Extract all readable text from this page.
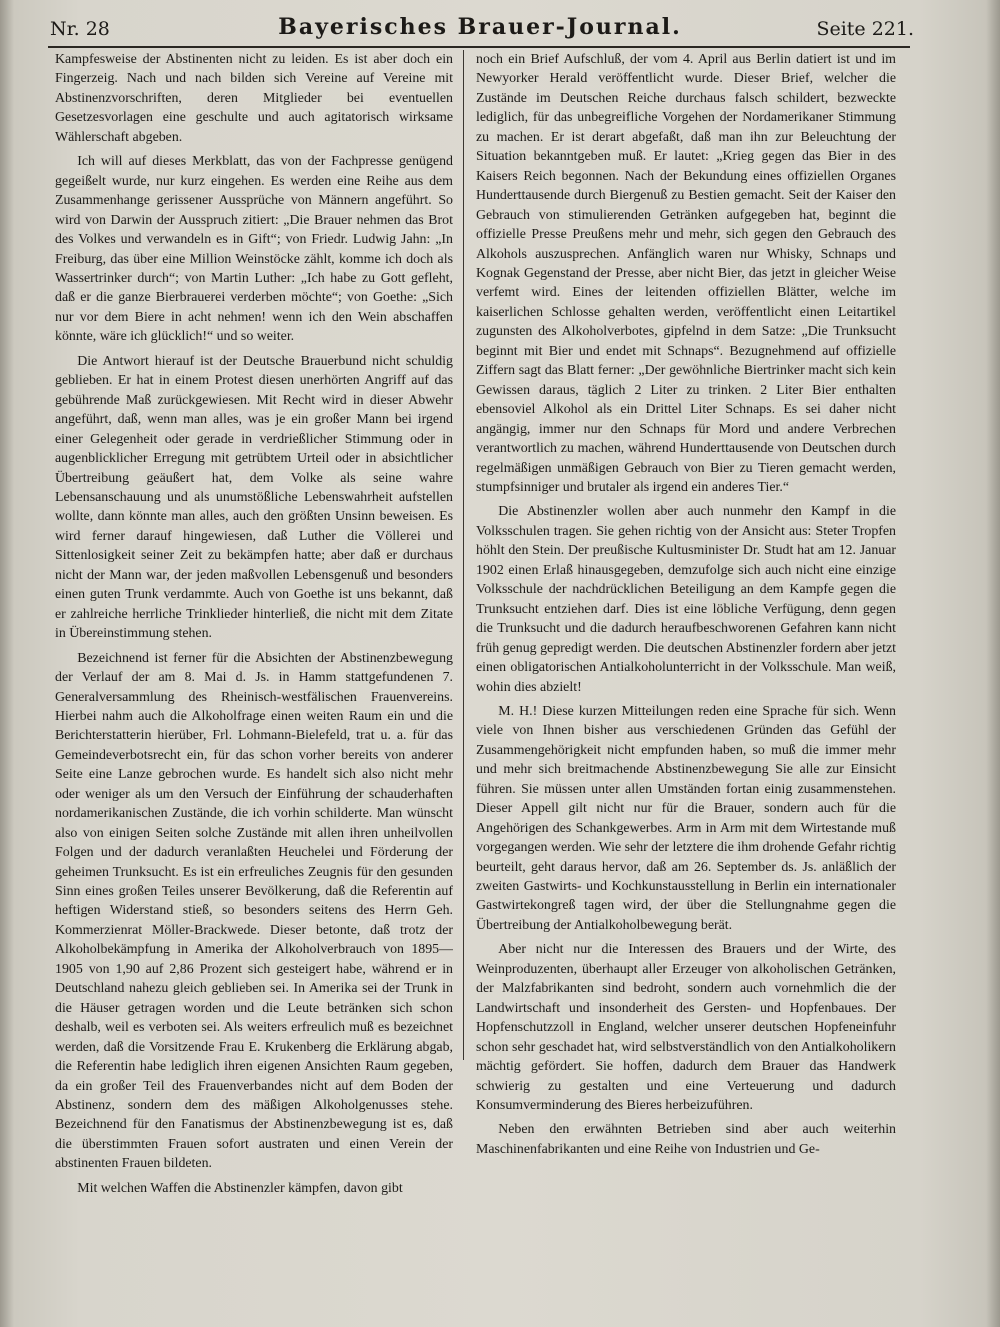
Nr. 28	Bayerisches Brauer-Journal.	Seite 221.

Kampfesweise der Abstinenten nicht zu leiden. Es ist aber doch ein Fingerzeig. Nach und nach bilden sich Vereine auf Vereine mit Abstinenzvorschriften, deren Mitglieder bei eventuellen Gesetzesvorlagen eine geschulte und auch agitatorisch wirksame Wählerschaft abgeben.

Ich will auf dieses Merkblatt, das von der Fachpresse genügend gegeißelt wurde, nur kurz eingehen. Es werden eine Reihe aus dem Zusammenhange gerissener Aussprüche von Männern angeführt. So wird von Darwin der Ausspruch zitiert: „Die Brauer nehmen das Brot des Volkes und verwandeln es in Gift“; von Friedr. Ludwig Jahn: „In Freiburg, das über eine Million Weinstöcke zählt, komme ich doch als Wassertrinker durch“; von Martin Luther: „Ich habe zu Gott gefleht, daß er die ganze Bierbrauerei verderben möchte“; von Goethe: „Sich nur vor dem Biere in acht nehmen! wenn ich den Wein abschaffen könnte, wäre ich glücklich!“ und so weiter.

Die Antwort hierauf ist der Deutsche Brauerbund nicht schuldig geblieben. Er hat in einem Protest diesen unerhörten Angriff auf das gebührende Maß zurückgewiesen. Mit Recht wird in dieser Abwehr angeführt, daß, wenn man alles, was je ein großer Mann bei irgend einer Gelegenheit oder gerade in verdrießlicher Stimmung oder in augenblicklicher Erregung mit getrübtem Urteil oder in absichtlicher Übertreibung geäußert hat, dem Volke als seine wahre Lebensanschauung und als unumstößliche Lebenswahrheit aufstellen wollte, dann könnte man alles, auch den größten Unsinn beweisen. Es wird ferner darauf hingewiesen, daß Luther die Völlerei und Sittenlosigkeit seiner Zeit zu bekämpfen hatte; aber daß er durchaus nicht der Mann war, der jeden maßvollen Lebensgenuß und besonders einen guten Trunk verdammte. Auch von Goethe ist uns bekannt, daß er zahlreiche herrliche Trinklieder hinterließ, die nicht mit dem Zitate in Übereinstimmung stehen.

Bezeichnend ist ferner für die Absichten der Abstinenzbewegung der Verlauf der am 8. Mai d. Js. in Hamm stattgefundenen 7. Generalversammlung des Rheinisch-westfälischen Frauenvereins. Hierbei nahm auch die Alkoholfrage einen weiten Raum ein und die Berichterstatterin hierüber, Frl. Lohmann-Bielefeld, trat u. a. für das Gemeindeverbotsrecht ein, für das schon vorher bereits von anderer Seite eine Lanze gebrochen wurde. Es handelt sich also nicht mehr oder weniger als um den Versuch der Einführung der schauderhaften nordamerikanischen Zustände, die ich vorhin schilderte. Man wünscht also von einigen Seiten solche Zustände mit allen ihren unheilvollen Folgen und der dadurch veranlaßten Heuchelei und Förderung der geheimen Trunksucht. Es ist ein erfreuliches Zeugnis für den gesunden Sinn eines großen Teiles unserer Bevölkerung, daß die Referentin auf heftigen Widerstand stieß, so besonders seitens des Herrn Geh. Kommerzienrat Möller-Brackwede. Dieser betonte, daß trotz der Alkoholbekämpfung in Amerika der Alkoholverbrauch von 1895—1905 von 1,90 auf 2,86 Prozent sich gesteigert habe, während er in Deutschland nahezu gleich geblieben sei. In Amerika sei der Trunk in die Häuser getragen worden und die Leute betränken sich schon deshalb, weil es verboten sei. Als weiters erfreulich muß es bezeichnet werden, daß die Vorsitzende Frau E. Krukenberg die Erklärung abgab, die Referentin habe lediglich ihren eigenen Ansichten Raum gegeben, da ein großer Teil des Frauenverbandes nicht auf dem Boden der Abstinenz, sondern dem des mäßigen Alkoholgenusses stehe. Bezeichnend für den Fanatismus der Abstinenzbewegung ist es, daß die überstimmten Frauen sofort austraten und einen Verein der abstinenten Frauen bildeten.

Mit welchen Waffen die Abstinenzler kämpfen, davon gibt

noch ein Brief Aufschluß, der vom 4. April aus Berlin datiert ist und im Newyorker Herald veröffentlicht wurde. Dieser Brief, welcher die Zustände im Deutschen Reiche durchaus falsch schildert, bezweckte lediglich, für das unbegreifliche Vorgehen der Nordamerikaner Stimmung zu machen. Er ist derart abgefaßt, daß man ihn zur Beleuchtung der Situation bekanntgeben muß. Er lautet: „Krieg gegen das Bier in des Kaisers Reich begonnen. Nach der Bekundung eines offiziellen Organes Hunderttausende durch Biergenuß zu Bestien gemacht. Seit der Kaiser den Gebrauch von stimulierenden Getränken aufgegeben hat, beginnt die offizielle Presse Preußens mehr und mehr, sich gegen den Gebrauch des Alkohols auszusprechen. Anfänglich waren nur Whisky, Schnaps und Kognak Gegenstand der Presse, aber nicht Bier, das jetzt in gleicher Weise verfemt wird. Eines der leitenden offiziellen Blätter, welche im kaiserlichen Schlosse gehalten werden, veröffentlicht einen Leitartikel zugunsten des Alkoholverbotes, gipfelnd in dem Satze: „Die Trunksucht beginnt mit Bier und endet mit Schnaps“. Bezugnehmend auf offizielle Ziffern sagt das Blatt ferner: „Der gewöhnliche Biertrinker macht sich kein Gewissen daraus, täglich 2 Liter zu trinken. 2 Liter Bier enthalten ebensoviel Alkohol als ein Drittel Liter Schnaps. Es sei daher nicht angängig, immer nur den Schnaps für Mord und andere Verbrechen verantwortlich zu machen, während Hunderttausende von Deutschen durch regelmäßigen unmäßigen Gebrauch von Bier zu Tieren gemacht werden, stumpfsinniger und brutaler als irgend ein anderes Tier.“

Die Abstinenzler wollen aber auch nunmehr den Kampf in die Volksschulen tragen. Sie gehen richtig von der Ansicht aus: Steter Tropfen höhlt den Stein. Der preußische Kultusminister Dr. Studt hat am 12. Januar 1902 einen Erlaß hinausgegeben, demzufolge sich auch nicht eine einzige Volksschule der nachdrücklichen Beteiligung an dem Kampfe gegen die Trunksucht entziehen darf. Dies ist eine löbliche Verfügung, denn gegen die Trunksucht und die dadurch heraufbeschworenen Gefahren kann nicht früh genug gepredigt werden. Die deutschen Abstinenzler fordern aber jetzt einen obligatorischen Antialkoholunterricht in der Volksschule. Man weiß, wohin dies abzielt!

M. H.! Diese kurzen Mitteilungen reden eine Sprache für sich. Wenn viele von Ihnen bisher aus verschiedenen Gründen das Gefühl der Zusammengehörigkeit nicht empfunden haben, so muß die immer mehr und mehr sich breitmachende Abstinenzbewegung Sie alle zur Einsicht führen. Sie müssen unter allen Umständen fortan einig zusammenstehen. Dieser Appell gilt nicht nur für die Brauer, sondern auch für die Angehörigen des Schankgewerbes. Arm in Arm mit dem Wirtestande muß vorgegangen werden. Wie sehr der letztere die ihm drohende Gefahr richtig beurteilt, geht daraus hervor, daß am 26. September ds. Js. anläßlich der zweiten Gastwirts- und Kochkunstausstellung in Berlin ein internationaler Gastwirtekongreß tagen wird, der über die Stellungnahme gegen die Übertreibung der Antialkoholbewegung berät.

Aber nicht nur die Interessen des Brauers und der Wirte, des Weinproduzenten, überhaupt aller Erzeuger von alkoholischen Getränken, der Malzfabrikanten sind bedroht, sondern auch vornehmlich die der Landwirtschaft und insonderheit des Gersten- und Hopfenbaues. Der Hopfenschutzzoll in England, welcher unserer deutschen Hopfeneinfuhr schon sehr geschadet hat, wird selbstverständlich von den Antialkoholikern mächtig gefördert. Sie hoffen, dadurch dem Brauer das Handwerk schwierig zu gestalten und eine Verteuerung und dadurch Konsumverminderung des Bieres herbeizuführen.

Neben den erwähnten Betrieben sind aber auch weiterhin Maschinenfabrikanten und eine Reihe von Industrien und Ge-
